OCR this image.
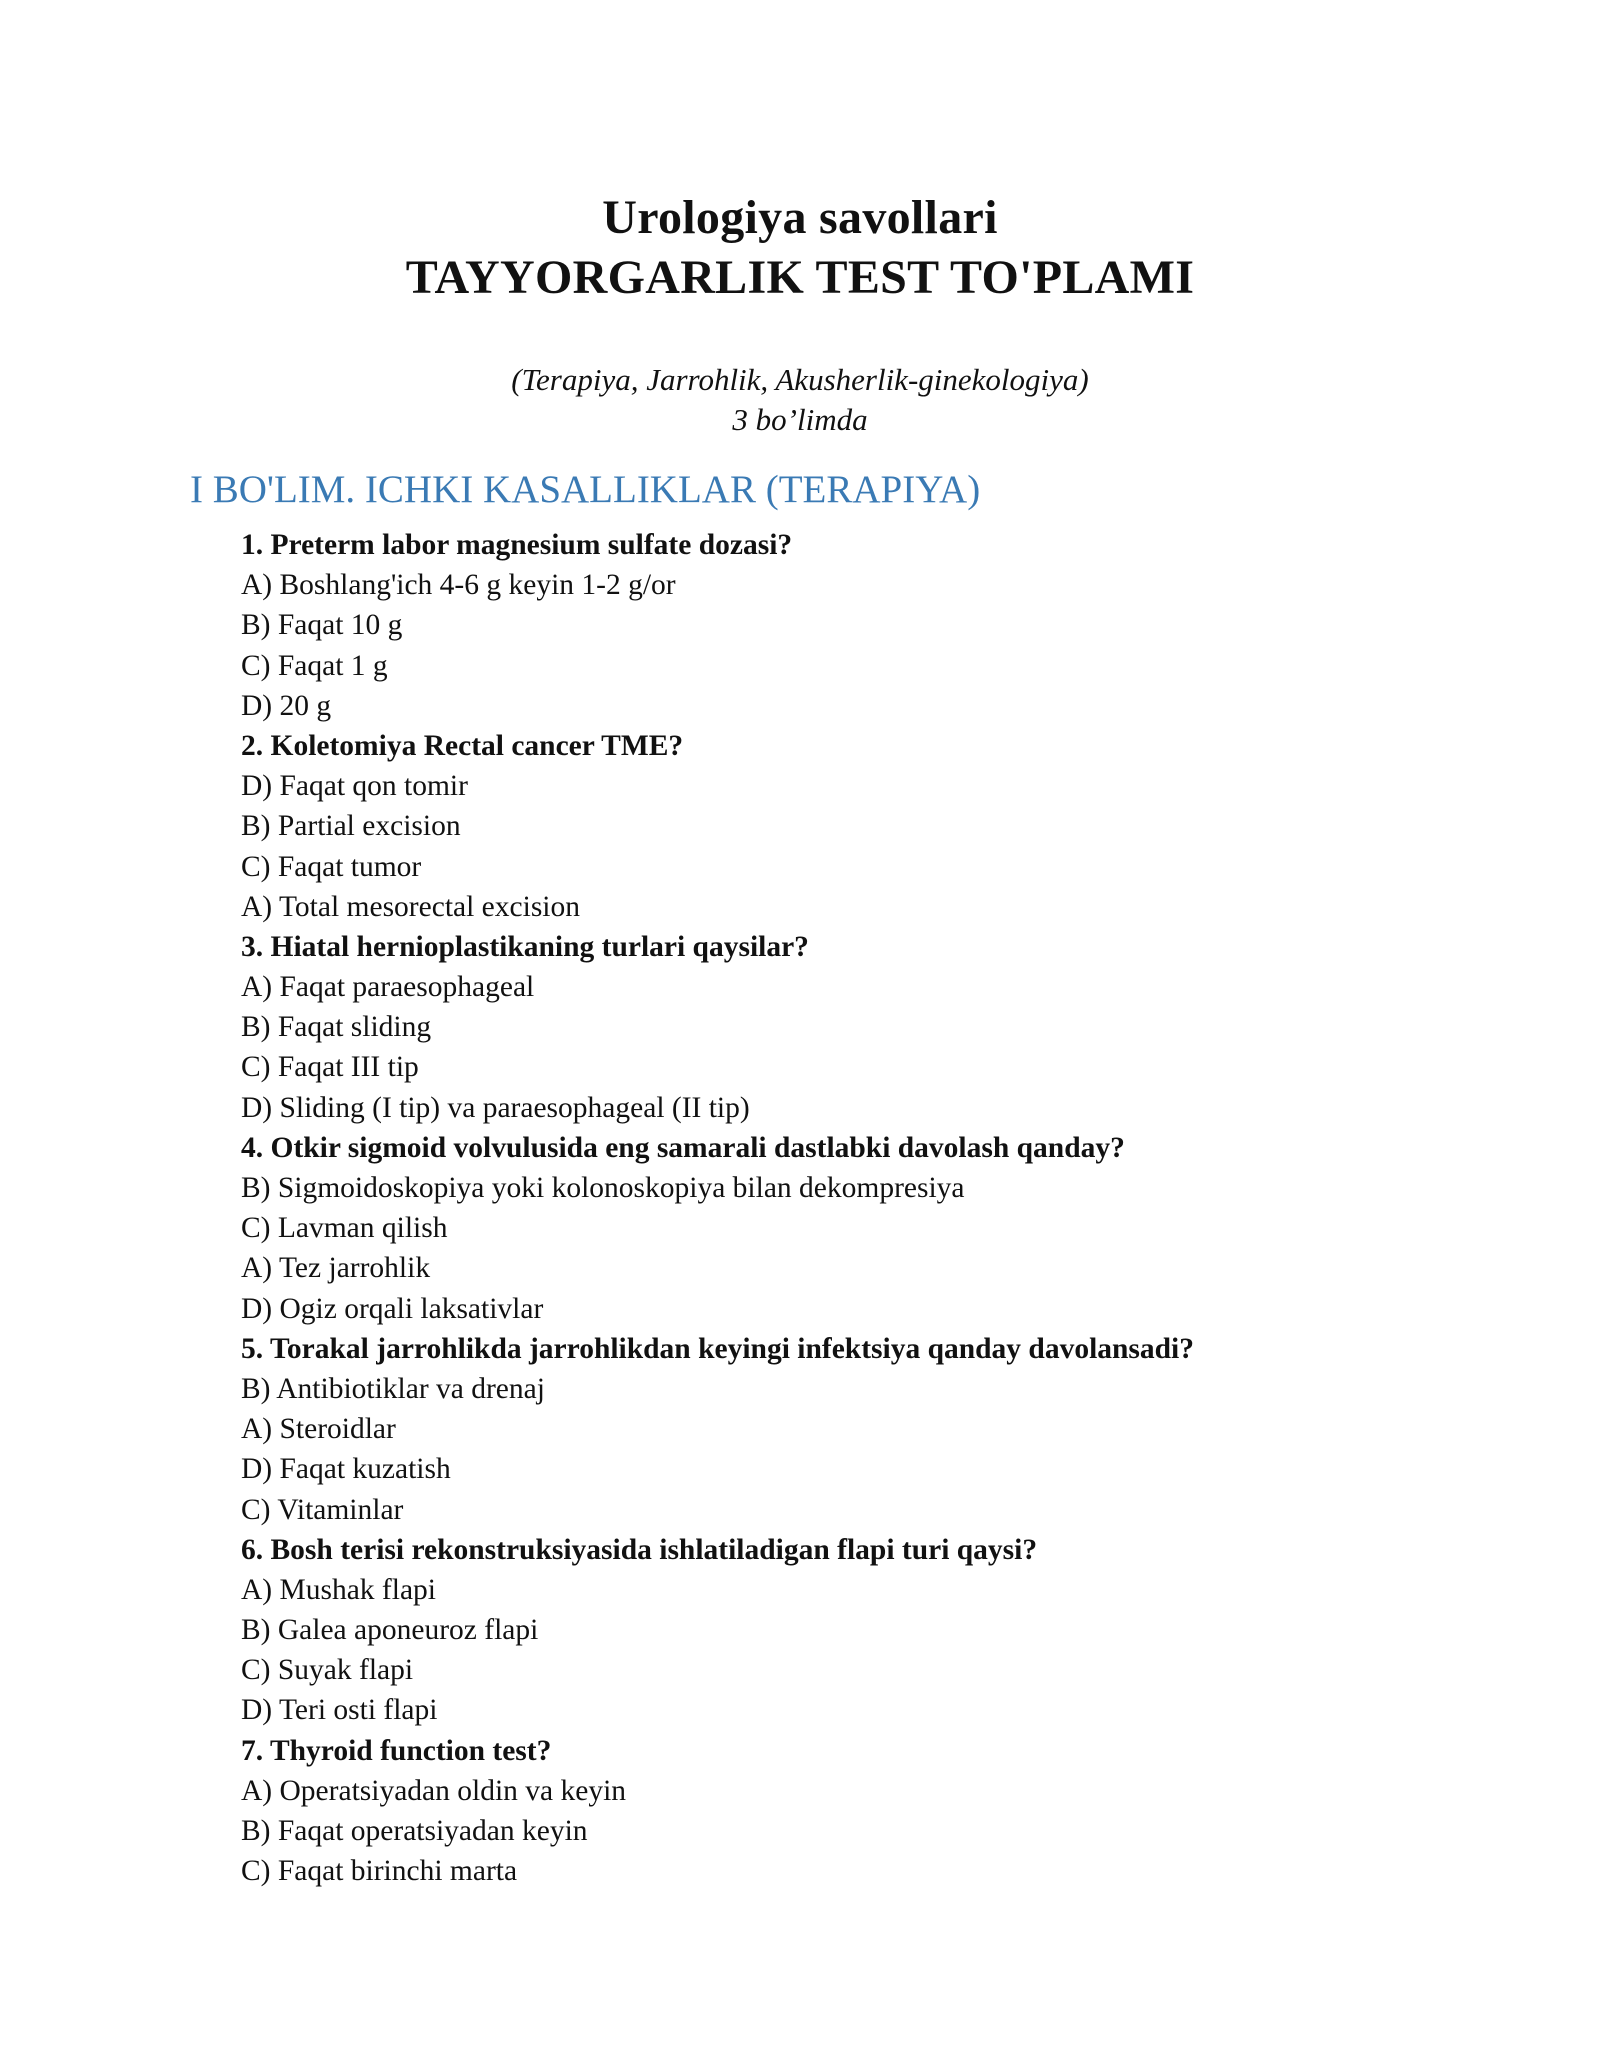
Urologiya savollari
TAYYORGARLIK TEST TO'PLAMI
(Terapiya, Jarrohlik, Akusherlik-ginekologiya)
3 bo’limda
I BO'LIM. ICHKI KASALLIKLAR (TERAPIYA)
1. Preterm labor magnesium sulfate dozasi?
A) Boshlang'ich 4-6 g keyin 1-2 g/or
B) Faqat 10 g
C) Faqat 1 g
D) 20 g
2. Koletomiya Rectal cancer TME?
D) Faqat qon tomir
B) Partial excision
C) Faqat tumor
A) Total mesorectal excision
3. Hiatal hernioplastikaning turlari qaysilar?
A) Faqat paraesophageal
B) Faqat sliding
C) Faqat III tip
D) Sliding (I tip) va paraesophageal (II tip)
4. Otkir sigmoid volvulusida eng samarali dastlabki davolash qanday?
B) Sigmoidoskopiya yoki kolonoskopiya bilan dekompresiya
C) Lavman qilish
A) Tez jarrohlik
D) Ogiz orqali laksativlar
5. Torakal jarrohlikda jarrohlikdan keyingi infektsiya qanday davolansadi?
B) Antibiotiklar va drenaj
A) Steroidlar
D) Faqat kuzatish
C) Vitaminlar
6. Bosh terisi rekonstruksiyasida ishlatiladigan flapi turi qaysi?
A) Mushak flapi
B) Galea aponeuroz flapi
C) Suyak flapi
D) Teri osti flapi
7. Thyroid function test?
A) Operatsiyadan oldin va keyin
B) Faqat operatsiyadan keyin
C) Faqat birinchi marta
